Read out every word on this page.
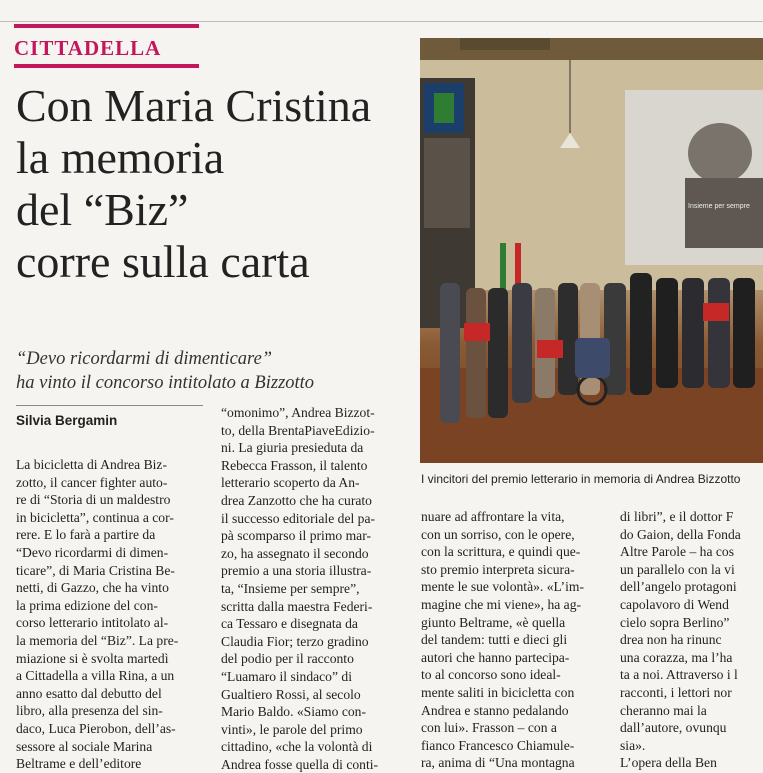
CITTADELLA
Con Maria Cristina
la memoria
del “Biz”
corre sulla carta
“Devo ricordarmi di dimenticare”
ha vinto il concorso intitolato a Bizzotto
Silvia Bergamin
La bicicletta di Andrea Biz-
zotto, il cancer fighter auto-
re di “Storia di un maldestro
in bicicletta”, continua a cor-
rere. E lo farà a partire da
“Devo ricordarmi di dimen-
ticare”, di Maria Cristina Be-
netti, di Gazzo, che ha vinto
la prima edizione del con-
corso letterario intitolato al-
la memoria del “Biz”. La pre-
miazione si è svolta martedì
a Cittadella a villa Rina, a un
anno esatto dal debutto del
libro, alla presenza del sin-
daco, Luca Pierobon, dell’as-
sessore al sociale Marina
Beltrame e dell’editore
“omonimo”, Andrea Bizzot-
to, della BrentaPiaveEdizio-
ni. La giuria presieduta da
Rebecca Frasson, il talento
letterario scoperto da An-
drea Zanzotto che ha curato
il successo editoriale del pa-
pà scomparso il primo mar-
zo, ha assegnato il secondo
premio a una storia illustra-
ta, “Insieme per sempre”,
scritta dalla maestra Federi-
ca Tessaro e disegnata da
Claudia Fior; terzo gradino
del podio per il racconto
“Luamaro il sindaco” di
Gualtiero Rossi, al secolo
Mario Baldo. «Siamo con-
vinti», le parole del primo
cittadino, «che la volontà di
Andrea fosse quella di conti-
nuare ad affrontare la vita,
con un sorriso, con le opere,
con la scrittura, e quindi que-
sto premio interpreta sicura-
mente le sue volontà». «L’im-
magine che mi viene», ha ag-
giunto Beltrame, «è quella
del tandem: tutti e dieci gli
autori che hanno partecipa-
to al concorso sono ideal-
mente saliti in bicicletta con
Andrea e stanno pedalando
con lui». Frasson – con a
fianco Francesco Chiamule-
ra, anima di “Una montagna
di libri”, e il dottor F
do Gaion, della Fonda
Altre Parole – ha cos
un parallelo con la vi
dell’angelo protagoni
capolavoro di Wend
cielo sopra Berlino”
drea non ha rinunc
una corazza, ma l’ha
ta a noi. Attraverso i l
racconti, i lettori nor
cheranno mai la
dall’autore, ovunqu
sia».
L’opera della Ben
Insieme per sempre
I vincitori del premio letterario in memoria di Andrea Bizzotto
